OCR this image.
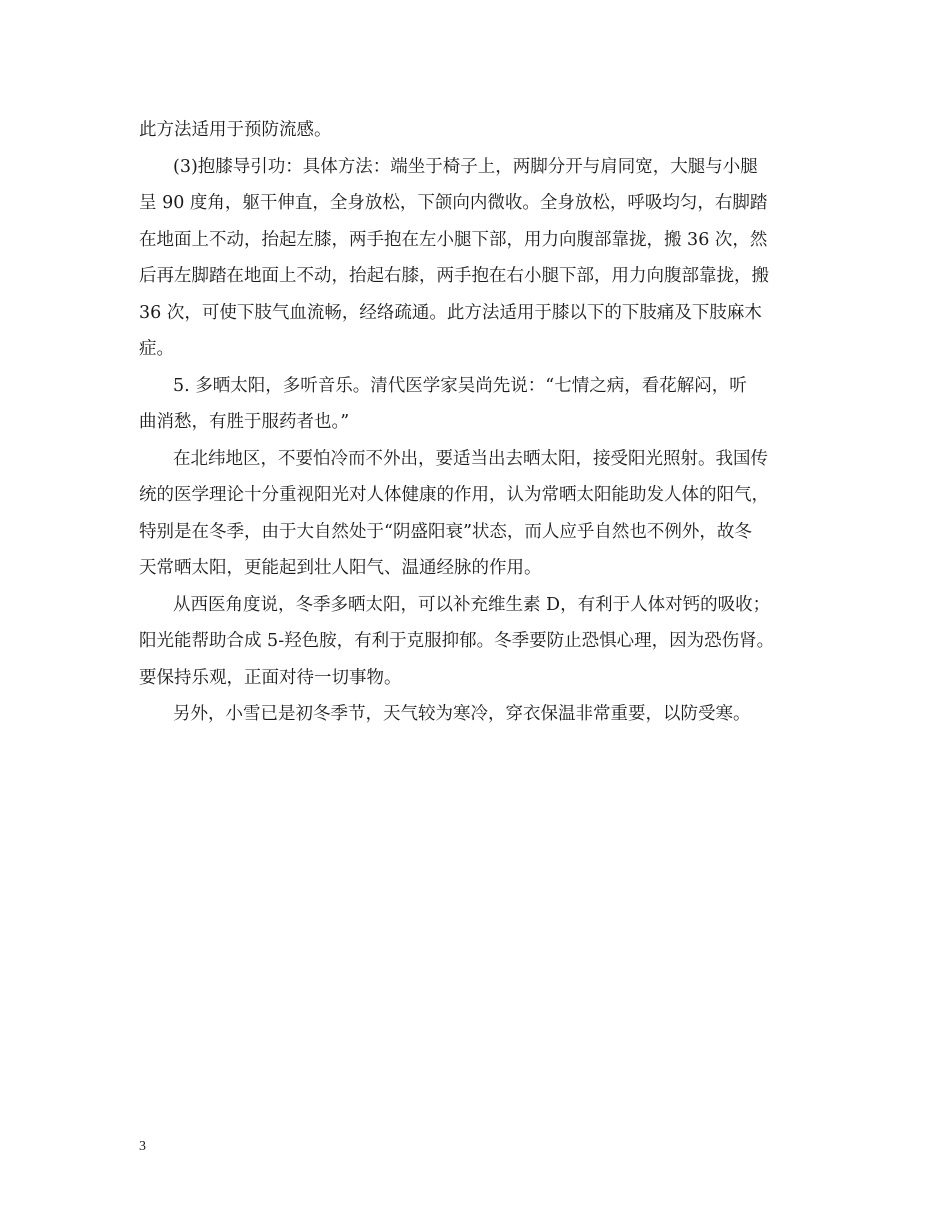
此方法适用于预防流感。

(3)抱膝导引功：具体方法：端坐于椅子上，两脚分开与肩同宽，大腿与小腿
呈 90 度角，躯干伸直，全身放松，下颌向内微收。全身放松，呼吸均匀，右脚踏
在地面上不动，抬起左膝，两手抱在左小腿下部，用力向腹部靠拢，搬 36 次，然
后再左脚踏在地面上不动，抬起右膝，两手抱在右小腿下部，用力向腹部靠拢，搬
36 次，可使下肢气血流畅，经络疏通。此方法适用于膝以下的下肢痛及下肢麻木
症。

5. 多晒太阳，多听音乐。清代医学家吴尚先说：“七情之病，看花解闷，听
曲消愁，有胜于服药者也。”

在北纬地区，不要怕冷而不外出，要适当出去晒太阳，接受阳光照射。我国传
统的医学理论十分重视阳光对人体健康的作用，认为常晒太阳能助发人体的阳气，
特别是在冬季，由于大自然处于“阴盛阳衰”状态，而人应乎自然也不例外，故冬
天常晒太阳，更能起到壮人阳气、温通经脉的作用。

从西医角度说，冬季多晒太阳，可以补充维生素 D，有利于人体对钙的吸收；
阳光能帮助合成 5-羟色胺，有利于克服抑郁。冬季要防止恐惧心理，因为恐伤肾。
要保持乐观，正面对待一切事物。

另外，小雪已是初冬季节，天气较为寒冷，穿衣保温非常重要，以防受寒。

3
